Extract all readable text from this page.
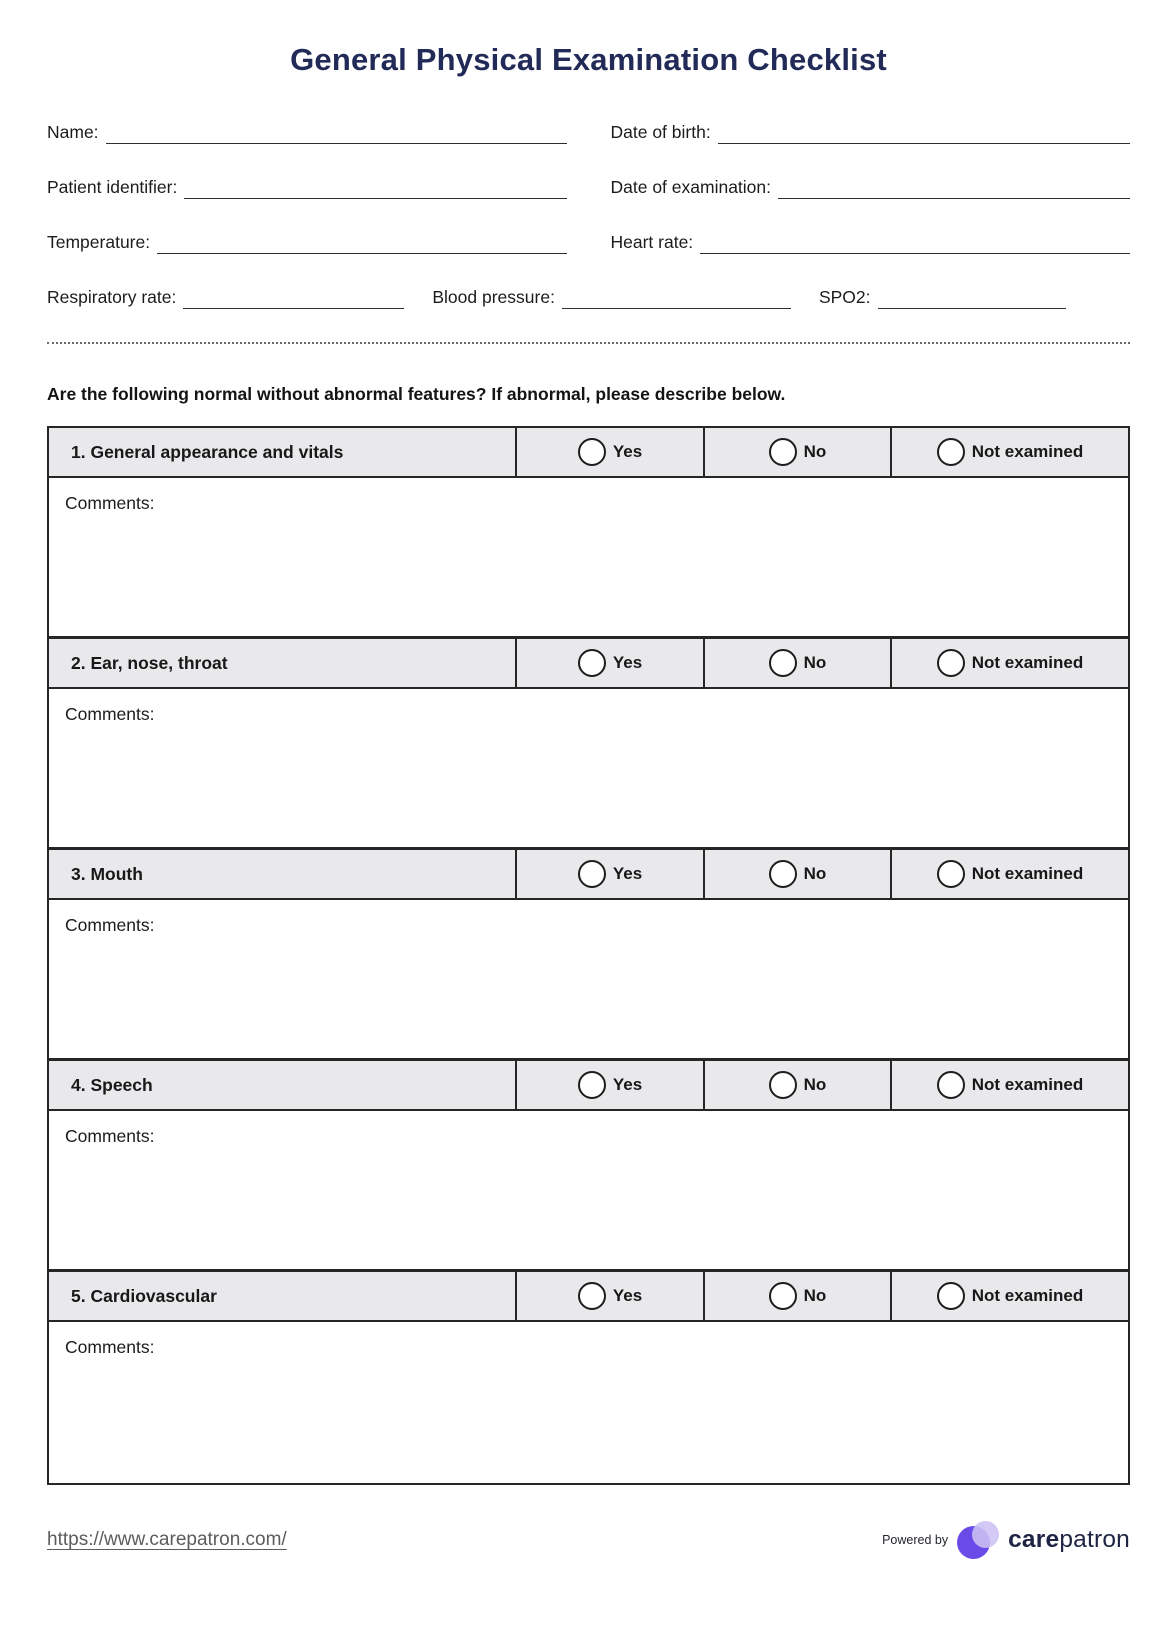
General Physical Examination Checklist
Name:	Date of birth:
Patient identifier:	Date of examination:
Temperature:	Heart rate:
Respiratory rate:	Blood pressure:	SPO2:

Are the following normal without abnormal features? If abnormal, please describe below.

1. General appearance and vitals	Yes	No	Not examined
Comments:
2. Ear, nose, throat	Yes	No	Not examined
Comments:
3. Mouth	Yes	No	Not examined
Comments:
4. Speech	Yes	No	Not examined
Comments:
5. Cardiovascular	Yes	No	Not examined
Comments:
https://www.carepatron.com/	Powered by carepatron
